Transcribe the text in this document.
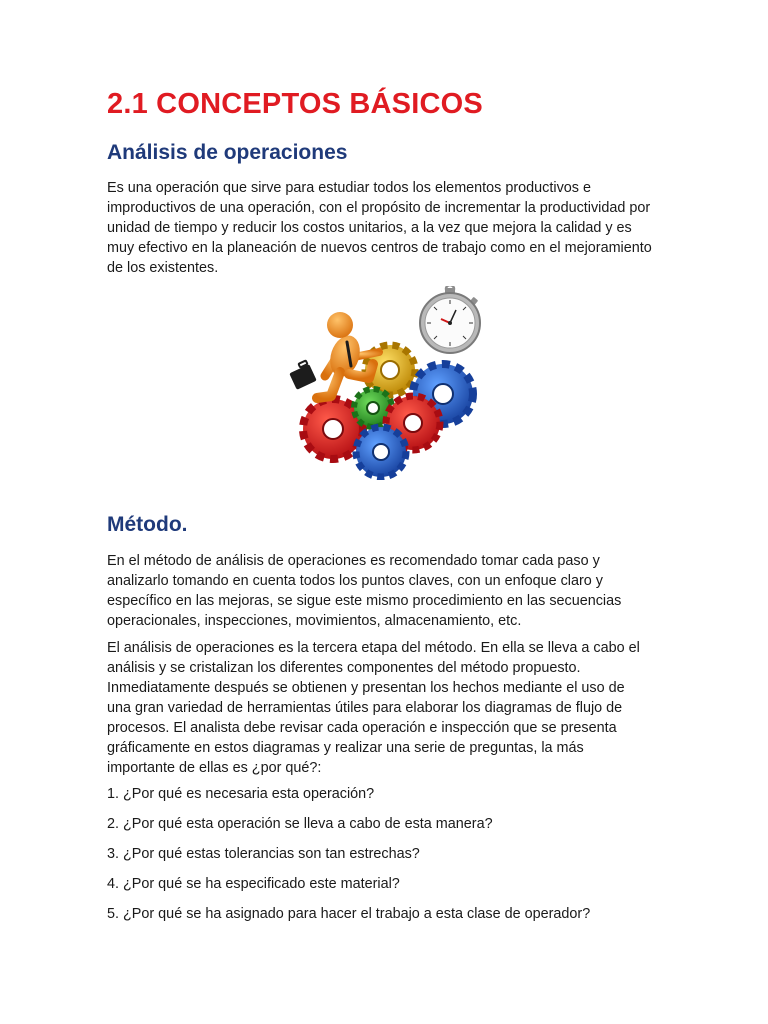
2.1 CONCEPTOS BÁSICOS
Análisis de operaciones

Es una operación que sirve para estudiar todos los elementos productivos e improductivos de una operación, con el propósito de incrementar la productividad por unidad de tiempo y reducir los costos unitarios, a la vez que mejora la calidad y es muy efectivo en la planeación de nuevos centros de trabajo como en el mejoramiento de los existentes.

Método.

En el método de análisis de operaciones es recomendado tomar cada paso y analizarlo tomando en cuenta todos los puntos claves, con un enfoque claro y específico en las mejoras, se sigue este mismo procedimiento en las secuencias operacionales, inspecciones, movimientos, almacenamiento, etc.

El análisis de operaciones es la tercera etapa del método. En ella se lleva a cabo el análisis y se cristalizan los diferentes componentes del método propuesto. Inmediatamente después se obtienen y presentan los hechos mediante el uso de una gran variedad de herramientas útiles para elaborar los diagramas de flujo de procesos. El analista debe revisar cada operación e inspección que se presenta gráficamente en estos diagramas y realizar una serie de preguntas, la más importante de ellas es ¿por qué?:

1. ¿Por qué es necesaria esta operación?
2. ¿Por qué esta operación se lleva a cabo de esta manera?
3. ¿Por qué estas tolerancias son tan estrechas?
4. ¿Por qué se ha especificado este material?
5. ¿Por qué se ha asignado para hacer el trabajo a esta clase de operador?
